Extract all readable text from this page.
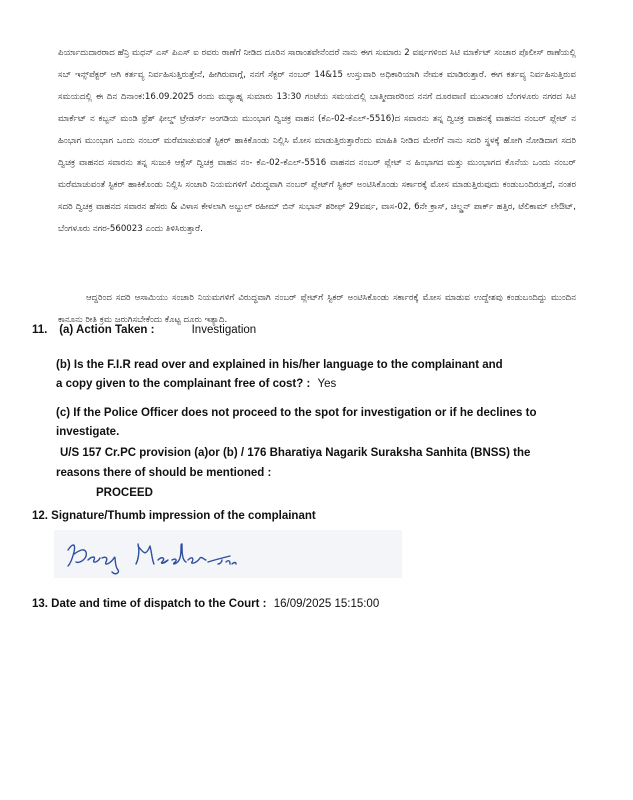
ಪಿರ್ಯಾದುದಾರರಾದ ಹೆನ್ರಿ ಮಧನ್ ಎಸ್ ಪಿಎಸ್ ಐ ರವರು ಠಾಣೆಗೆ ನೀಡಿದ ದೂರಿನ ಸಾರಾಂಶವೇನೆಂದರೆ ನಾನು ಈಗ ಸುಮಾರು 2 ವರ್ಷಗಳಿಂದ ಸಿಟಿ ಮಾರ್ಕೆಟ್ ಸಂಚಾರ ಪೊಲೀಸ್ ಠಾಣೆಯಲ್ಲಿ ಸಬ್ ಇನ್ಸ್‌ಪೆಕ್ಟರ್ ಆಗಿ ಕರ್ತವ್ಯ ನಿರ್ವಹಿಸುತ್ತಿರುತ್ತೇನೆ, ಹೀಗಿರುವಾಗ್ಗೆ, ನನಗೆ ಸೆಕ್ಟರ್ ನಂಬರ್ 14&15 ಉಸ್ತುವಾರಿ ಅಧಿಕಾರಿಯಾಗಿ ನೇಮಕ ಮಾಡಿರುತ್ತಾರೆ. ಈಗ ಕರ್ತವ್ಯ ನಿರ್ವಹಿಸುತ್ತಿರುವ ಸಮಯದಲ್ಲಿ ಈ ದಿನ ದಿನಾಂಕ:16.09.2025 ರಂದು ಮಧ್ಯಾಹ್ನ ಸುಮಾರು 13:30 ಗಂಟೆಯ ಸಮಯದಲ್ಲಿ ಬಾತ್ಮೀದಾರರಿಂದ ನನಗೆ ದೂರವಾಣಿ ಮುಖಾಂತರ ಬೆಂಗಳೂರು ನಗರದ ಸಿಟಿ ಮಾರ್ಕೆಟ್ ನ ಕಬ್ಬನ್ ಮಂಡಿ ಫ್ರೆಶ್ ಫೀಲ್ಡ್ ಟ್ರೇಡರ್ಸ್ ಅಂಗಡಿಯ ಮುಂಭಾಗ ದ್ವಿಚಕ್ರ ವಾಹನ (ಕೆಎ-02-ಕೆಎಲ್-5516)ದ ಸವಾರನು ತನ್ನ ದ್ವಿಚಕ್ರ ವಾಹನಕ್ಕೆ ವಾಹನದ ನಂಬರ್ ಪ್ಲೇಟ್ ನ ಹಿಂಭಾಗ ಮುಂಭಾಗ ಒಂದು ನಂಬರ್ ಮರೆಮಾಚುವಂತೆ ಸ್ಟಿಕರ್ ಹಾಕಿಕೊಂಡು ನಿಲ್ಲಿಸಿ ಮೋಸ ಮಾಡುತ್ತಿರುತ್ತಾರೆಂದು ಮಾಹಿತಿ ನೀಡಿದ ಮೇರೆಗೆ ನಾನು ಸದರಿ ಸ್ಥಳಕ್ಕೆ ಹೋಗಿ ನೋಡಿದಾಗ ಸದರಿ ದ್ವಿಚಕ್ರ ವಾಹನದ ಸವಾರನು ತನ್ನ ಸುಜುಕಿ ಆಕ್ಸೆಸ್ ದ್ವಿಚಕ್ರ ವಾಹನ ನಂ- ಕೆಎ-02-ಕೆಎಲ್-5516 ವಾಹನದ ನಂಬರ್ ಪ್ಲೇಟ್ ನ ಹಿಂಭಾಗದ ಮತ್ತು ಮುಂಭಾಗದ ಕೊನೆಯ ಒಂದು ನಂಬರ್ ಮರೆಮಾಚುವಂತೆ ಸ್ಟಿಕರ್ ಹಾಕಿಕೊಂಡು ನಿಲ್ಲಿಸಿ ಸಂಚಾರಿ ನಿಯಮಗಳಿಗೆ ವಿರುದ್ಧವಾಗಿ ನಂಬರ್ ಪ್ಲೇಟ್‌ಗೆ ಸ್ಟಿಕರ್ ಅಂಟಿಸಿಕೊಂಡು ಸರ್ಕಾರಕ್ಕೆ ಮೋಸ ಮಾಡುತ್ತಿರುವುದು ಕಂಡುಬಂದಿರುತ್ತದೆ, ನಂತರ ಸದರಿ ದ್ವಿಚಕ್ರ ವಾಹನದ ಸವಾರನ ಹೆಸರು & ವಿಳಾಸ ಕೇಳಲಾಗಿ ಅಬ್ದುಲ್ ರಹೀಮ್ ಬಿನ್ ಸುಭಾನ್ ಶರೀಫ್ 29ವರ್ಷ, ವಾಸ-02, 6ನೇ ಕ್ರಾಸ್, ಚಿಲ್ಡ್ರನ್ ಪಾರ್ಕ್ ಹತ್ತಿರ, ಟೆಲಿಕಾಮ್ ಲೇಔಟ್, ಬೆಂಗಳೂರು ನಗರ-560023 ಎಂದು ತಿಳಿಸಿರುತ್ತಾರೆ.
ಆದ್ದರಿಂದ ಸದರಿ ಆಸಾಮಿಯು ಸಂಚಾರಿ ನಿಯಮಗಳಿಗೆ ವಿರುದ್ಧವಾಗಿ ನಂಬರ್ ಪ್ಲೇಟ್‌ಗೆ ಸ್ಟಿಕರ್ ಅಂಟಿಸಿಕೊಂಡು ಸರ್ಕಾರಕ್ಕೆ ಮೋಸ ಮಾಡುವ ಉದ್ದೇಶವು ಕಂಡುಬಂದಿದ್ದು ಮುಂದಿನ ಕಾನೂನು ರೀತಿ ಕ್ರಮ ಜರುಗಿಸಬೇಕೆಂದು ಕೊಟ್ಟ ದೂರು ಇತ್ಯಾದಿ.
11. (a) Action Taken :	Investigation
(b) Is the F.I.R read over and explained in his/her language to the complainant and
a copy given to the complainant free of cost? : Yes
(c) If the Police Officer does not proceed to the spot for investigation or if he declines to
investigate.
U/S 157 Cr.PC provision (a)or (b) / 176 Bharatiya Nagarik Suraksha Sanhita (BNSS) the
reasons there of should be mentioned :
PROCEED
12. Signature/Thumb impression of the complainant
13. Date and time of dispatch to the Court : 16/09/2025 15:15:00
